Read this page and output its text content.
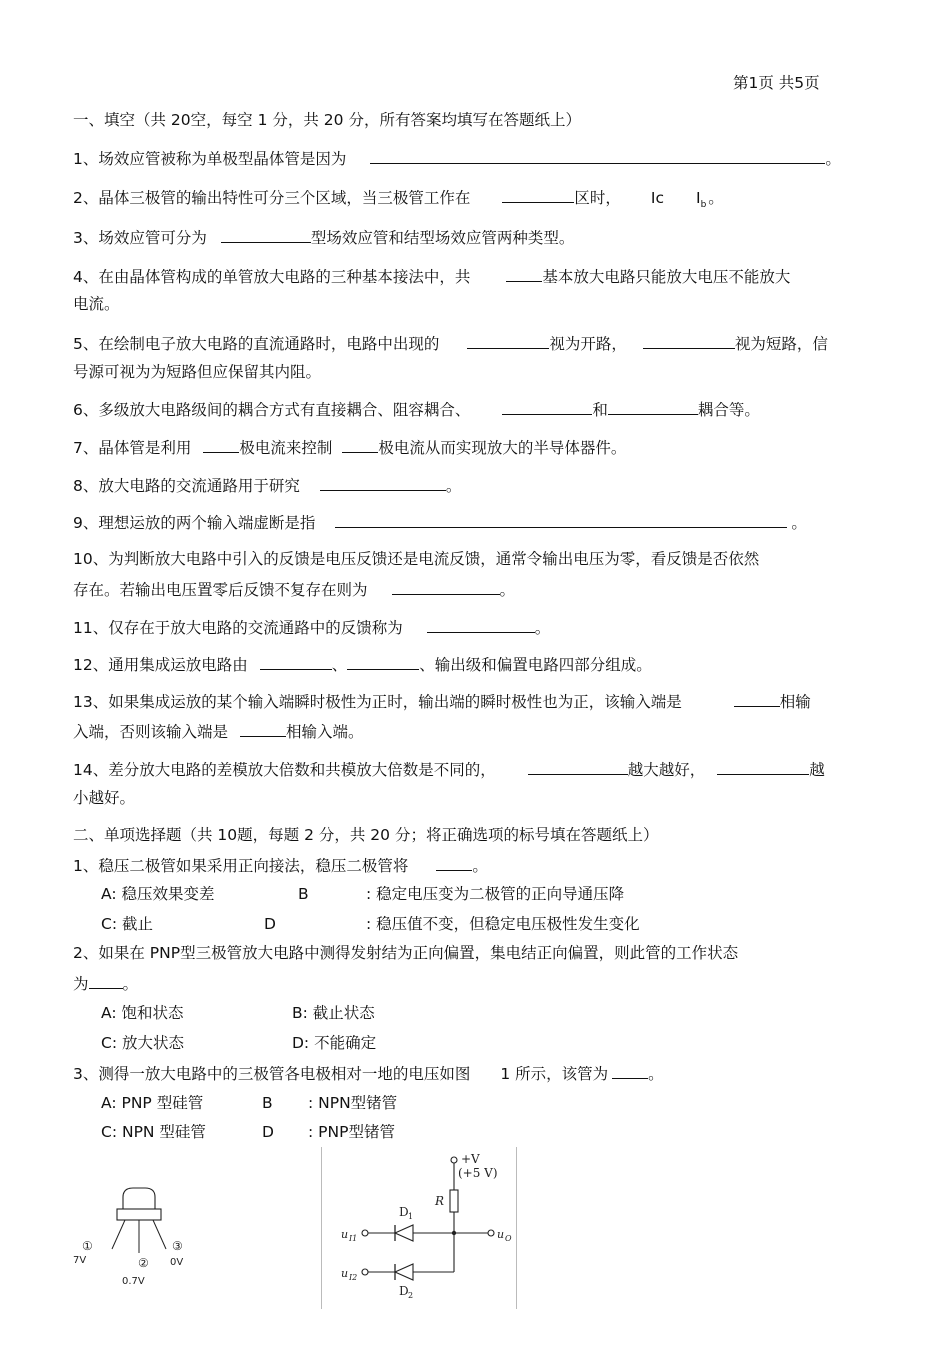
第1页 共5页
一、填空（共 20空，每空 1 分，共 20 分，所有答案均填写在答题纸上）
1、场效应管被称为单极型晶体管是因为	。
2、晶体三极管的输出特性可分三个区域，当三极管工作在	区时， Ic $I_b$ 。
3、场效应管可分为	型场效应管和结型场效应管两种类型。
4、在由晶体管构成的单管放大电路的三种基本接法中，共	基本放大电路只能放大电压不能放大
电流。
5、在绘制电子放大电路的直流通路时，电路中出现的	视为开路，	视为短路，信
号源可视为为短路但应保留其内阻。
6、多级放大电路级间的耦合方式有直接耦合、阻容耦合、	和	耦合等。
7、晶体管是利用	极电流来控制	极电流从而实现放大的半导体器件。
8、放大电路的交流通路用于研究	。
9、理想运放的两个输入端虚断是指	。
10、为判断放大电路中引入的反馈是电压反馈还是电流反馈，通常令输出电压为零，看反馈是否依然
存在。若输出电压置零后反馈不复存在则为	。
11、仅存在于放大电路的交流通路中的反馈称为	。
12、通用集成运放电路由	、	、输出级和偏置电路四部分组成。
13、如果集成运放的某个输入端瞬时极性为正时，输出端的瞬时极性也为正，该输入端是	相输
入端，否则该输入端是	相输入端。
14、差分放大电路的差模放大倍数和共模放大倍数是不同的，	越大越好，	越
小越好。
二、单项选择题（共 10题，每题 2 分，共 20 分；将正确选项的标号填在答题纸上）
1、稳压二极管如果采用正向接法，稳压二极管将	。
A: 稳压效果变差	B	: 稳定电压变为二极管的正向导通压降
C: 截止	D	: 稳压值不变，但稳定电压极性发生变化
2、如果在 PNP型三极管放大电路中测得发射结为正向偏置，集电结正向偏置，则此管的工作状态
为 。
A: 饱和状态	B: 截止状态
C: 放大状态	D: 不能确定
3、测得一放大电路中的三极管各电极相对一地的电压如图 1 所示，该管为	。
A: PNP 型硅管	B : NPN型锗管
C: NPN 型硅管	D : PNP型锗管
①
②
③
7V
0.7V
0V
+V
(+5 V)
R
u I1
D 1
u O
u I2
D 2
